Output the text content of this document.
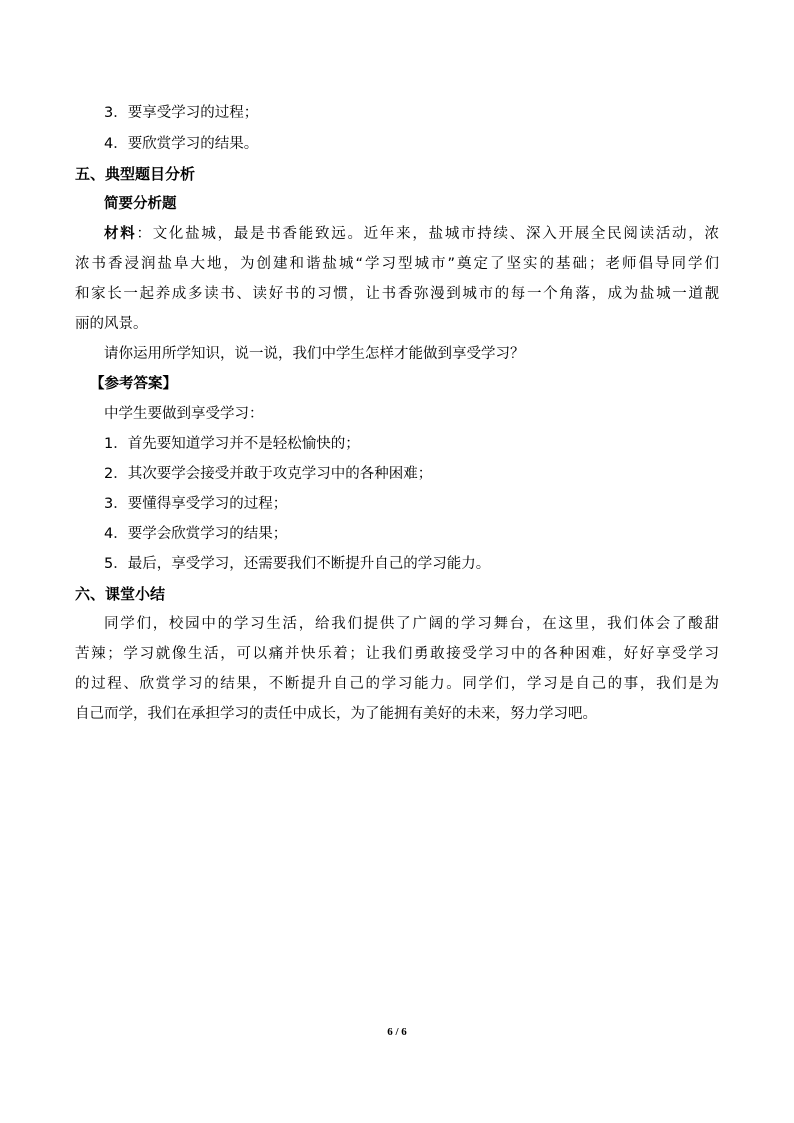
3．要享受学习的过程；
4．要欣赏学习的结果。
五、典型题目分析
简要分析题
材料：文化盐城，最是书香能致远。近年来，盐城市持续、深入开展全民阅读活动，浓
浓书香浸润盐阜大地，为创建和谐盐城“学习型城市”奠定了坚实的基础；老师倡导同学们
和家长一起养成多读书、读好书的习惯，让书香弥漫到城市的每一个角落，成为盐城一道靓
丽的风景。
请你运用所学知识，说一说，我们中学生怎样才能做到享受学习？
【参考答案】
中学生要做到享受学习：
1．首先要知道学习并不是轻松愉快的；
2．其次要学会接受并敢于攻克学习中的各种困难；
3．要懂得享受学习的过程；
4．要学会欣赏学习的结果；
5．最后，享受学习，还需要我们不断提升自己的学习能力。
六、课堂小结
同学们，校园中的学习生活，给我们提供了广阔的学习舞台，在这里，我们体会了酸甜
苦辣；学习就像生活，可以痛并快乐着；让我们勇敢接受学习中的各种困难，好好享受学习
的过程、欣赏学习的结果，不断提升自己的学习能力。同学们，学习是自己的事，我们是为
自己而学，我们在承担学习的责任中成长，为了能拥有美好的未来，努力学习吧。
6 / 6
